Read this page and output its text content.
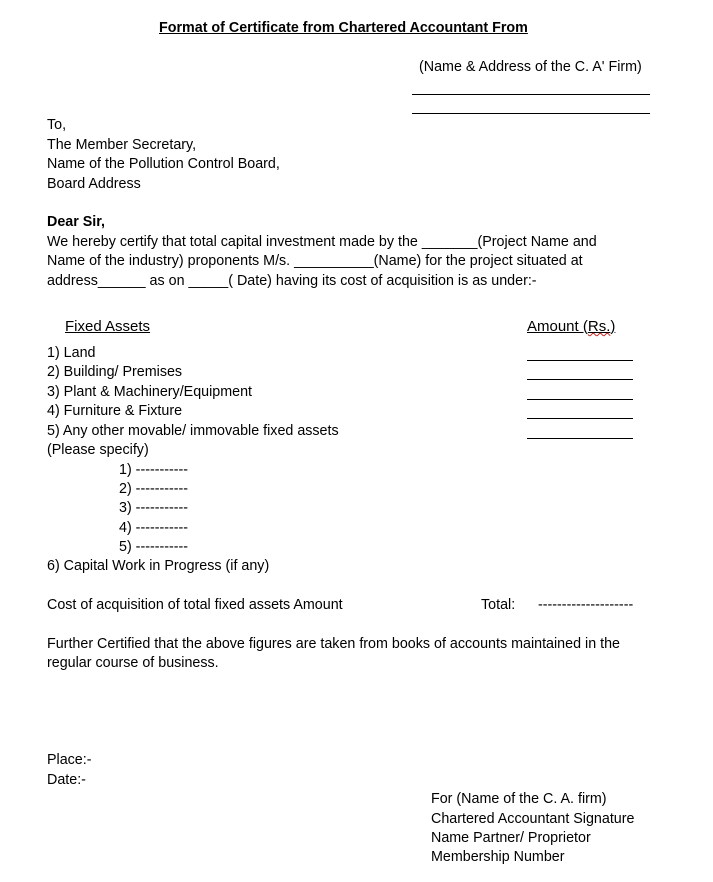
Format of Certificate from Chartered Accountant From
(Name & Address of the C. A' Firm)
To,
The Member Secretary,
Name of the Pollution Control Board,
Board Address
Dear Sir,
We hereby certify that total capital investment made by the _______(Project Name and
Name of the industry) proponents M/s. __________(Name) for the project situated at
address______ as on _____( Date) having its cost of acquisition is as under:-
Fixed Assets	Amount (Rs.)
1) Land
2) Building/ Premises
3) Plant & Machinery/Equipment
4) Furniture & Fixture
5) Any other movable/ immovable fixed assets
(Please specify)
1) -----------
2) -----------
3) -----------
4) -----------
5) -----------
6) Capital Work in Progress (if any)
Cost of acquisition of total fixed assets Amount	Total: --------------------
Further Certified that the above figures are taken from books of accounts maintained in the
regular course of business.
Place:-
Date:-
For (Name of the C. A. firm)
Chartered Accountant Signature
Name Partner/ Proprietor
Membership Number
